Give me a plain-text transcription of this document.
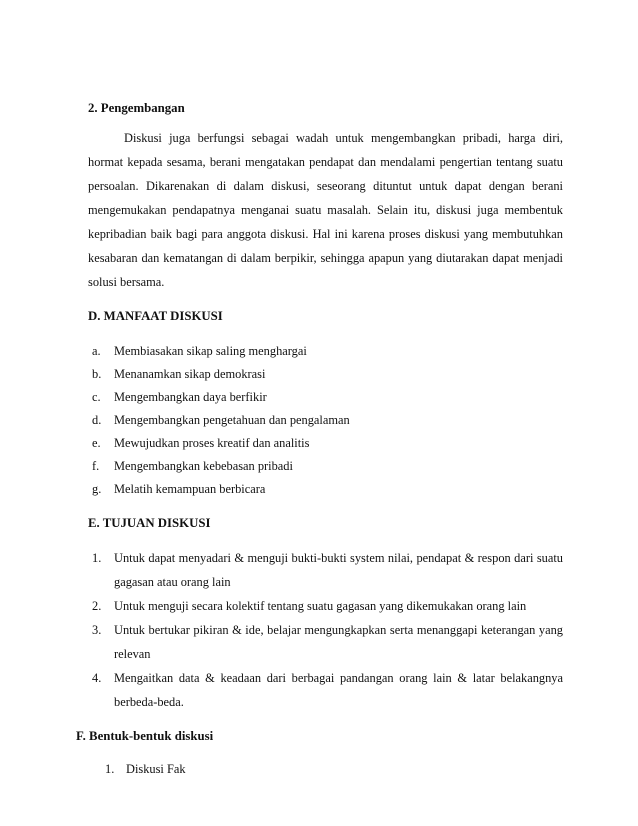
2. Pengembangan
Diskusi juga berfungsi sebagai wadah untuk mengembangkan pribadi, harga diri,
hormat kepada sesama, berani mengatakan pendapat dan mendalami pengertian tentang suatu
persoalan. Dikarenakan di dalam diskusi, seseorang dituntut untuk dapat dengan berani
mengemukakan pendapatnya menganai suatu masalah. Selain itu, diskusi juga membentuk
kepribadian baik bagi para anggota diskusi. Hal ini karena proses diskusi yang membutuhkan
kesabaran dan kematangan di dalam berpikir, sehingga apapun yang diutarakan dapat menjadi
solusi bersama.
D. MANFAAT DISKUSI
a. Membiasakan sikap saling menghargai
b. Menanamkan sikap demokrasi
c. Mengembangkan daya berfikir
d. Mengembangkan pengetahuan dan pengalaman
e. Mewujudkan proses kreatif dan analitis
f. Mengembangkan kebebasan pribadi
g. Melatih kemampuan berbicara
E. TUJUAN DISKUSI
1. Untuk dapat menyadari & menguji bukti-bukti system nilai, pendapat & respon dari suatu
gagasan atau orang lain
2. Untuk menguji secara kolektif tentang suatu gagasan yang dikemukakan orang lain
3. Untuk bertukar pikiran & ide, belajar mengungkapkan serta menanggapi keterangan yang
relevan
4. Mengaitkan data & keadaan dari berbagai pandangan orang lain & latar belakangnya
berbeda-beda.
F. Bentuk-bentuk diskusi
1. Diskusi Fak
